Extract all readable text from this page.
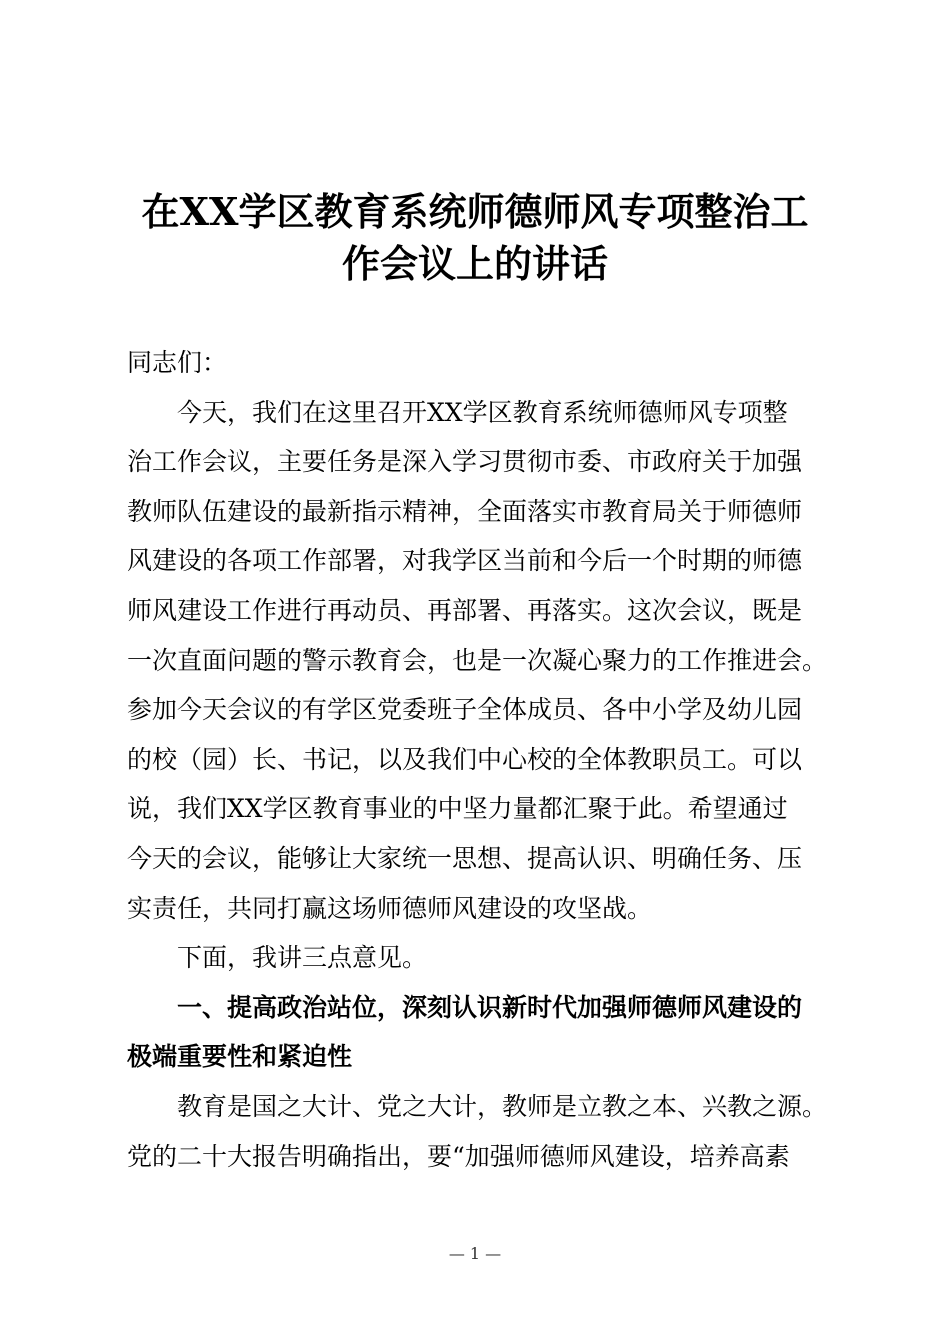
在XX学区教育系统师德师风专项整治工
作会议上的讲话
同志们：
今天，我们在这里召开XX学区教育系统师德师风专项整
治工作会议，主要任务是深入学习贯彻市委、市政府关于加强
教师队伍建设的最新指示精神，全面落实市教育局关于师德师
风建设的各项工作部署，对我学区当前和今后一个时期的师德
师风建设工作进行再动员、再部署、再落实。这次会议，既是
一次直面问题的警示教育会，也是一次凝心聚力的工作推进会。
参加今天会议的有学区党委班子全体成员、各中小学及幼儿园
的校（园）长、书记，以及我们中心校的全体教职员工。可以
说，我们XX学区教育事业的中坚力量都汇聚于此。希望通过
今天的会议，能够让大家统一思想、提高认识、明确任务、压
实责任，共同打赢这场师德师风建设的攻坚战。
下面，我讲三点意见。
一、提高政治站位，深刻认识新时代加强师德师风建设的
极端重要性和紧迫性
教育是国之大计、党之大计，教师是立教之本、兴教之源。
党的二十大报告明确指出，要“加强师德师风建设，培养高素
— 1 —
